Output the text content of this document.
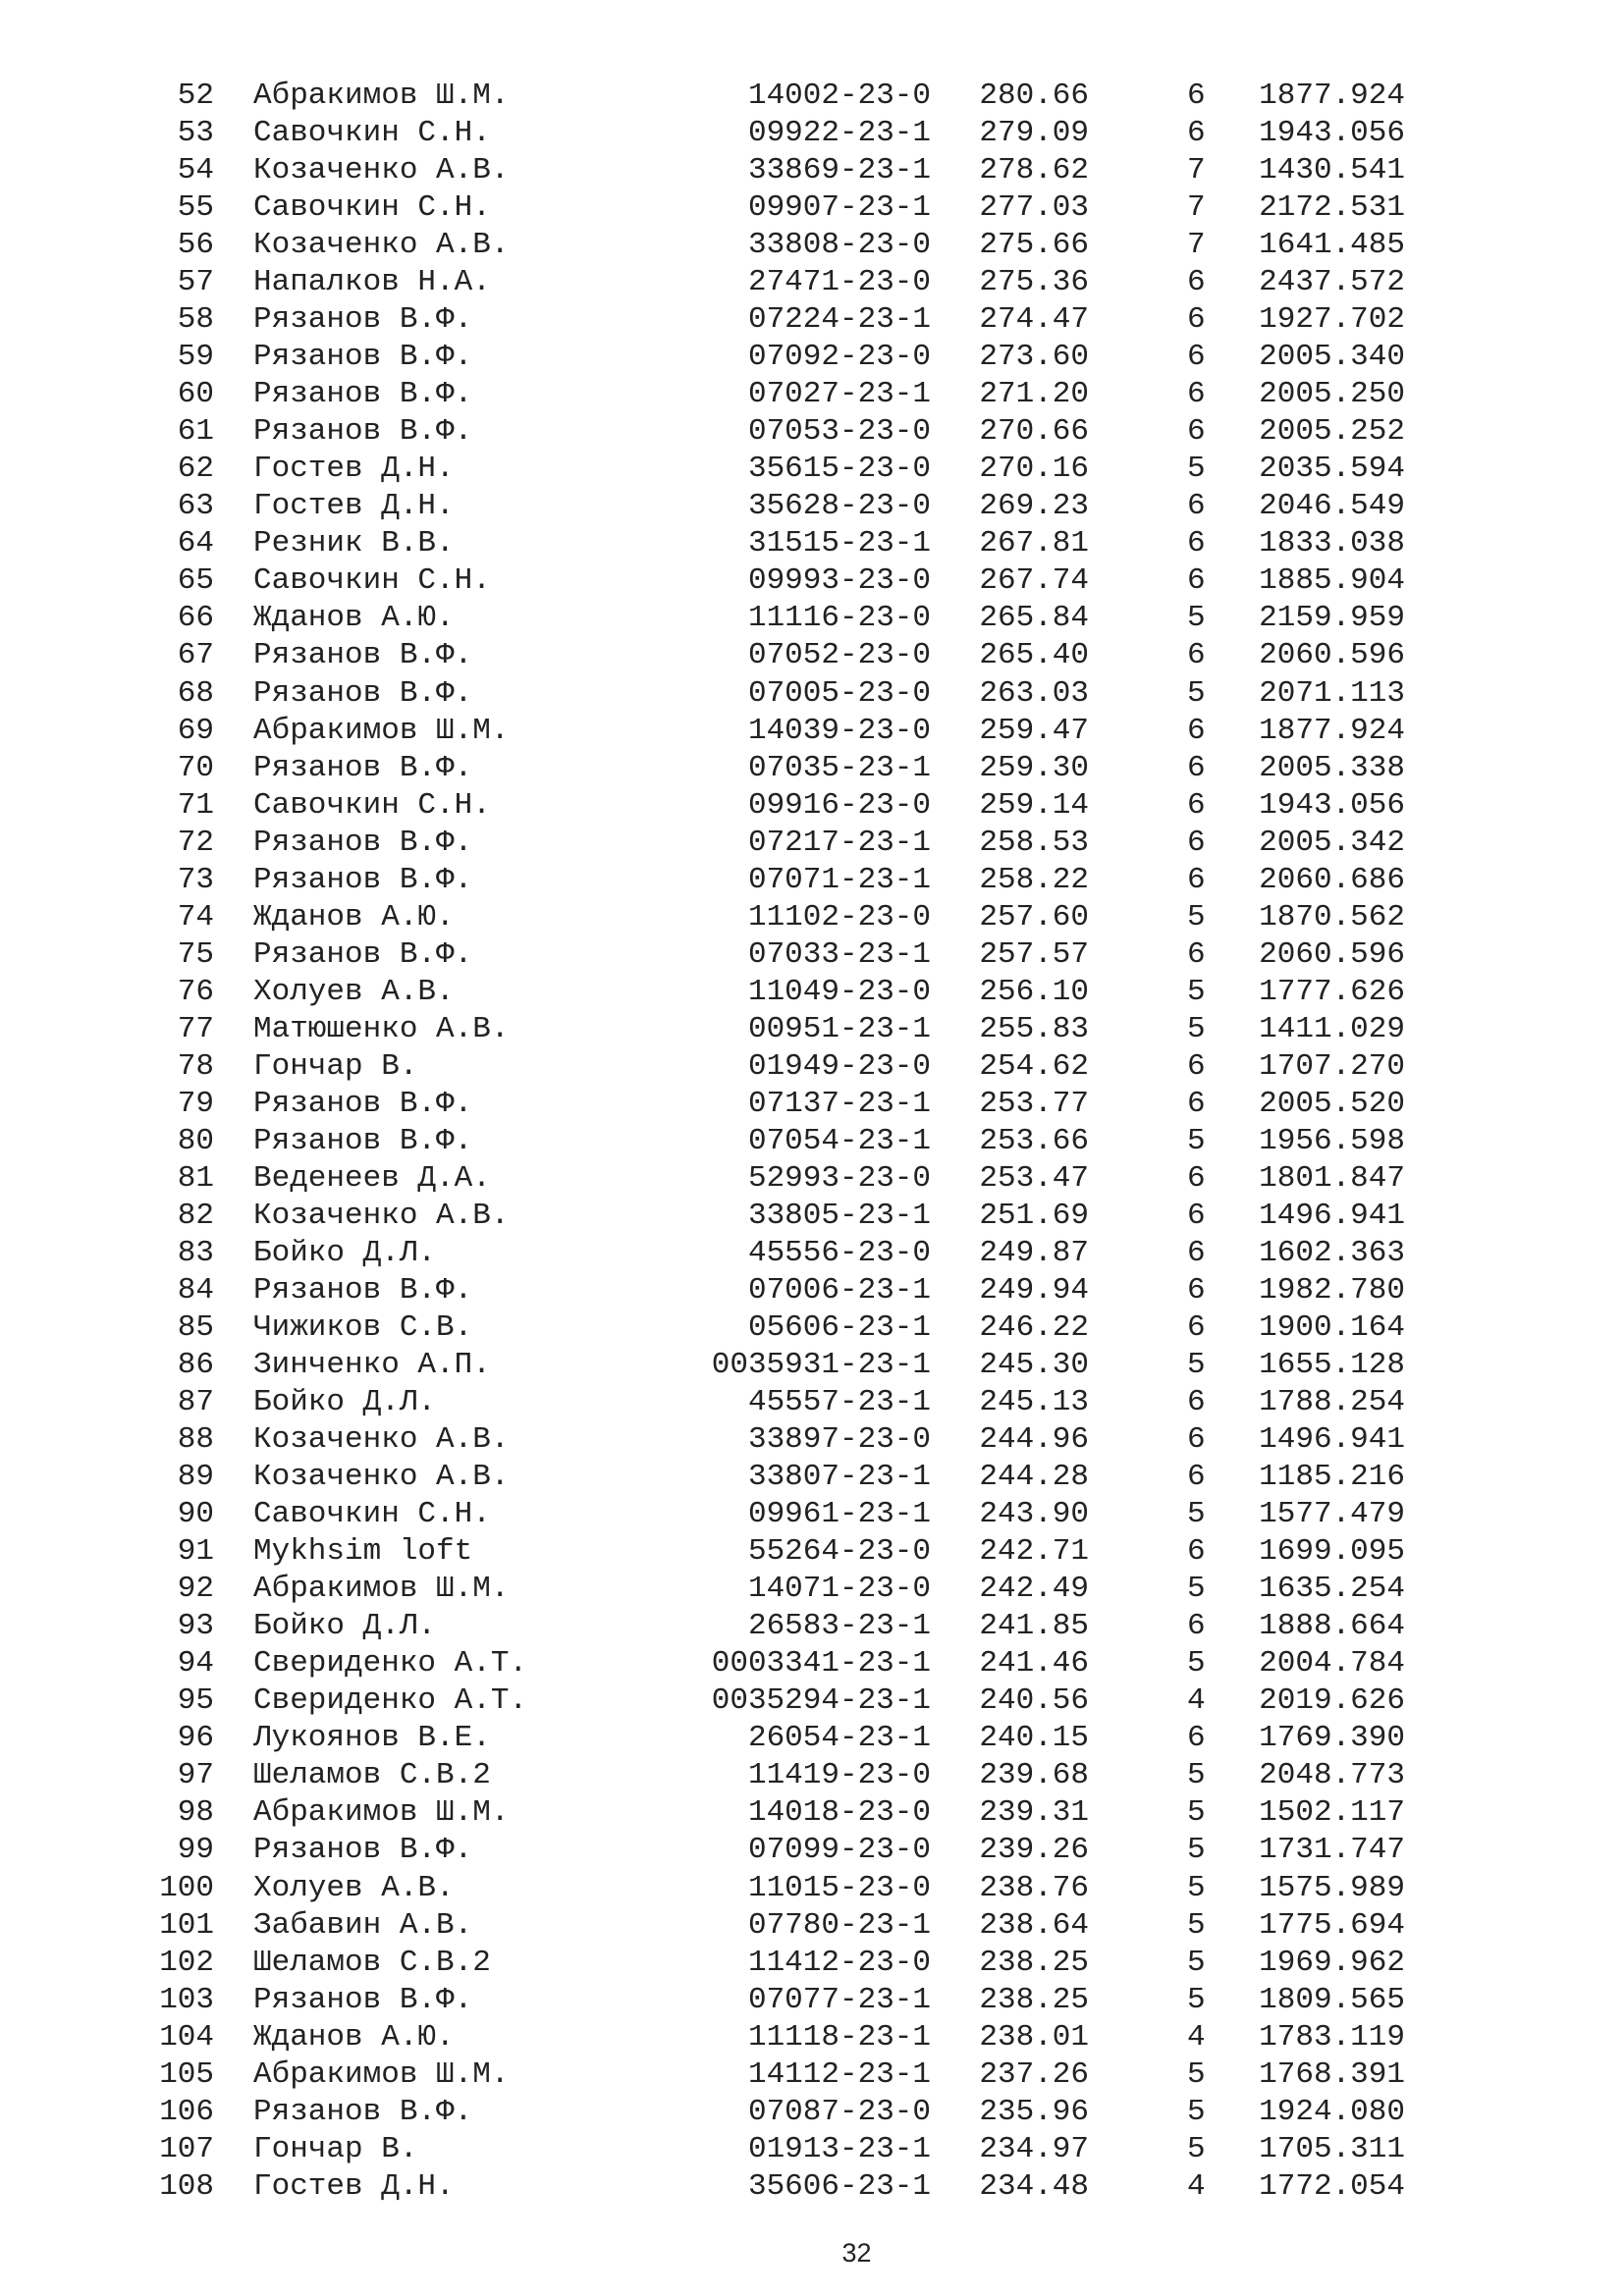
52 Абракимов Ш.М.	14002-23-0 280.66	6 1877.924
53 Савочкин С.Н.	09922-23-1 279.09	6 1943.056
54 Козаченко А.В.	33869-23-1 278.62	7 1430.541
55 Савочкин С.Н.	09907-23-1 277.03	7 2172.531
56 Козаченко А.В.	33808-23-0 275.66	7 1641.485
57 Напалков Н.А.	27471-23-0 275.36	6 2437.572
58 Рязанов В.Ф.	07224-23-1 274.47	6 1927.702
59 Рязанов В.Ф.	07092-23-0 273.60	6 2005.340
60 Рязанов В.Ф.	07027-23-1 271.20	6 2005.250
61 Рязанов В.Ф.	07053-23-0 270.66	6 2005.252
62 Гостев Д.Н.	35615-23-0 270.16	5 2035.594
63 Гостев Д.Н.	35628-23-0 269.23	6 2046.549
64 Резник В.В.	31515-23-1 267.81	6 1833.038
65 Савочкин С.Н.	09993-23-0 267.74	6 1885.904
66 Жданов А.Ю.	11116-23-0 265.84	5 2159.959
67 Рязанов В.Ф.	07052-23-0 265.40	6 2060.596
68 Рязанов В.Ф.	07005-23-0 263.03	5 2071.113
69 Абракимов Ш.М.	14039-23-0 259.47	6 1877.924
70 Рязанов В.Ф.	07035-23-1 259.30	6 2005.338
71 Савочкин С.Н.	09916-23-0 259.14	6 1943.056
72 Рязанов В.Ф.	07217-23-1 258.53	6 2005.342
73 Рязанов В.Ф.	07071-23-1 258.22	6 2060.686
74 Жданов А.Ю.	11102-23-0 257.60	5 1870.562
75 Рязанов В.Ф.	07033-23-1 257.57	6 2060.596
76 Холуев А.В.	11049-23-0 256.10	5 1777.626
77 Матюшенко А.В.	00951-23-1 255.83	5 1411.029
78 Гончар В.	01949-23-0 254.62	6 1707.270
79 Рязанов В.Ф.	07137-23-1 253.77	6 2005.520
80 Рязанов В.Ф.	07054-23-1 253.66	5 1956.598
81 Веденеев Д.А.	52993-23-0 253.47	6 1801.847
82 Козаченко А.В.	33805-23-1 251.69	6 1496.941
83 Бойко Д.Л.	45556-23-0 249.87	6 1602.363
84 Рязанов В.Ф.	07006-23-1 249.94	6 1982.780
85 Чижиков С.В.	05606-23-1 246.22	6 1900.164
86 Зинченко А.П.	0035931-23-1 245.30	5 1655.128
87 Бойко Д.Л.	45557-23-1 245.13	6 1788.254
88 Козаченко А.В.	33897-23-0 244.96	6 1496.941
89 Козаченко А.В.	33807-23-1 244.28	6 1185.216
90 Савочкин С.Н.	09961-23-1 243.90	5 1577.479
91 Mykhsim loft	55264-23-0 242.71	6 1699.095
92 Абракимов Ш.М.	14071-23-0 242.49	5 1635.254
93 Бойко Д.Л.	26583-23-1 241.85	6 1888.664
94 Свериденко А.Т.	0003341-23-1 241.46	5 2004.784
95 Свериденко А.Т.	0035294-23-1 240.56	4 2019.626
96 Лукоянов В.Е.	26054-23-1 240.15	6 1769.390
97 Шеламов С.В.2	11419-23-0 239.68	5 2048.773
98 Абракимов Ш.М.	14018-23-0 239.31	5 1502.117
99 Рязанов В.Ф.	07099-23-0 239.26	5 1731.747
100 Холуев А.В.	11015-23-0 238.76	5 1575.989
101 Забавин А.В.	07780-23-1 238.64	5 1775.694
102 Шеламов С.В.2	11412-23-0 238.25	5 1969.962
103 Рязанов В.Ф.	07077-23-1 238.25	5 1809.565
104 Жданов А.Ю.	11118-23-1 238.01	4 1783.119
105 Абракимов Ш.М.	14112-23-1 237.26	5 1768.391
106 Рязанов В.Ф.	07087-23-0 235.96	5 1924.080
107 Гончар В.	01913-23-1 234.97	5 1705.311
108 Гостев Д.Н.	35606-23-1 234.48	4 1772.054
32
